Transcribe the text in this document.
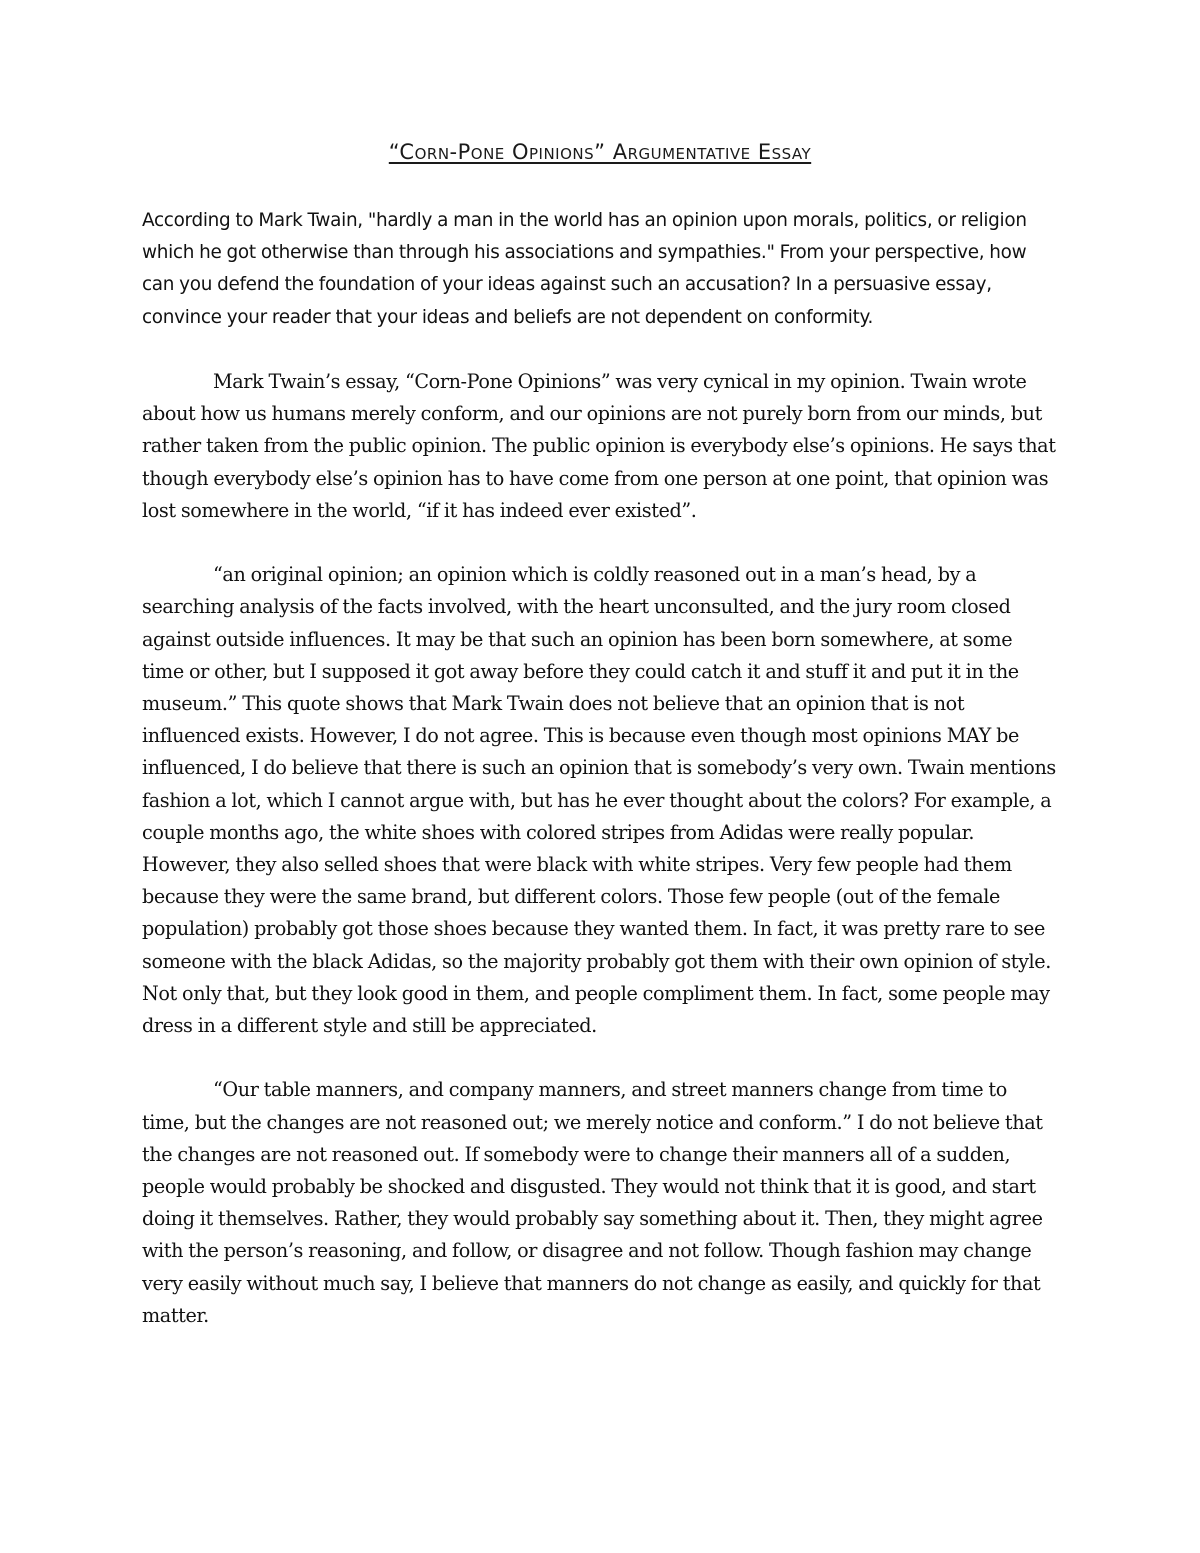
“Corn-Pone Opinions” Argumentative Essay

According to Mark Twain, "hardly a man in the world has an opinion upon morals, politics, or religion which he got otherwise than through his associations and sympathies." From your perspective, how can you defend the foundation of your ideas against such an accusation? In a persuasive essay, convince your reader that your ideas and beliefs are not dependent on conformity.

Mark Twain’s essay, “Corn-Pone Opinions” was very cynical in my opinion. Twain wrote about how us humans merely conform, and our opinions are not purely born from our minds, but rather taken from the public opinion. The public opinion is everybody else’s opinions. He says that though everybody else’s opinion has to have come from one person at one point, that opinion was lost somewhere in the world, “if it has indeed ever existed”.

“an original opinion; an opinion which is coldly reasoned out in a man’s head, by a searching analysis of the facts involved, with the heart unconsulted, and the jury room closed against outside influences. It may be that such an opinion has been born somewhere, at some time or other, but I supposed it got away before they could catch it and stuff it and put it in the museum.” This quote shows that Mark Twain does not believe that an opinion that is not influenced exists. However, I do not agree. This is because even though most opinions MAY be influenced, I do believe that there is such an opinion that is somebody’s very own. Twain mentions fashion a lot, which I cannot argue with, but has he ever thought about the colors? For example, a couple months ago, the white shoes with colored stripes from Adidas were really popular. However, they also selled shoes that were black with white stripes. Very few people had them because they were the same brand, but different colors. Those few people (out of the female population) probably got those shoes because they wanted them. In fact, it was pretty rare to see someone with the black Adidas, so the majority probably got them with their own opinion of style. Not only that, but they look good in them, and people compliment them. In fact, some people may dress in a different style and still be appreciated.

“Our table manners, and company manners, and street manners change from time to time, but the changes are not reasoned out; we merely notice and conform.” I do not believe that the changes are not reasoned out. If somebody were to change their manners all of a sudden, people would probably be shocked and disgusted. They would not think that it is good, and start doing it themselves. Rather, they would probably say something about it. Then, they might agree with the person’s reasoning, and follow, or disagree and not follow. Though fashion may change very easily without much say, I believe that manners do not change as easily, and quickly for that matter.
